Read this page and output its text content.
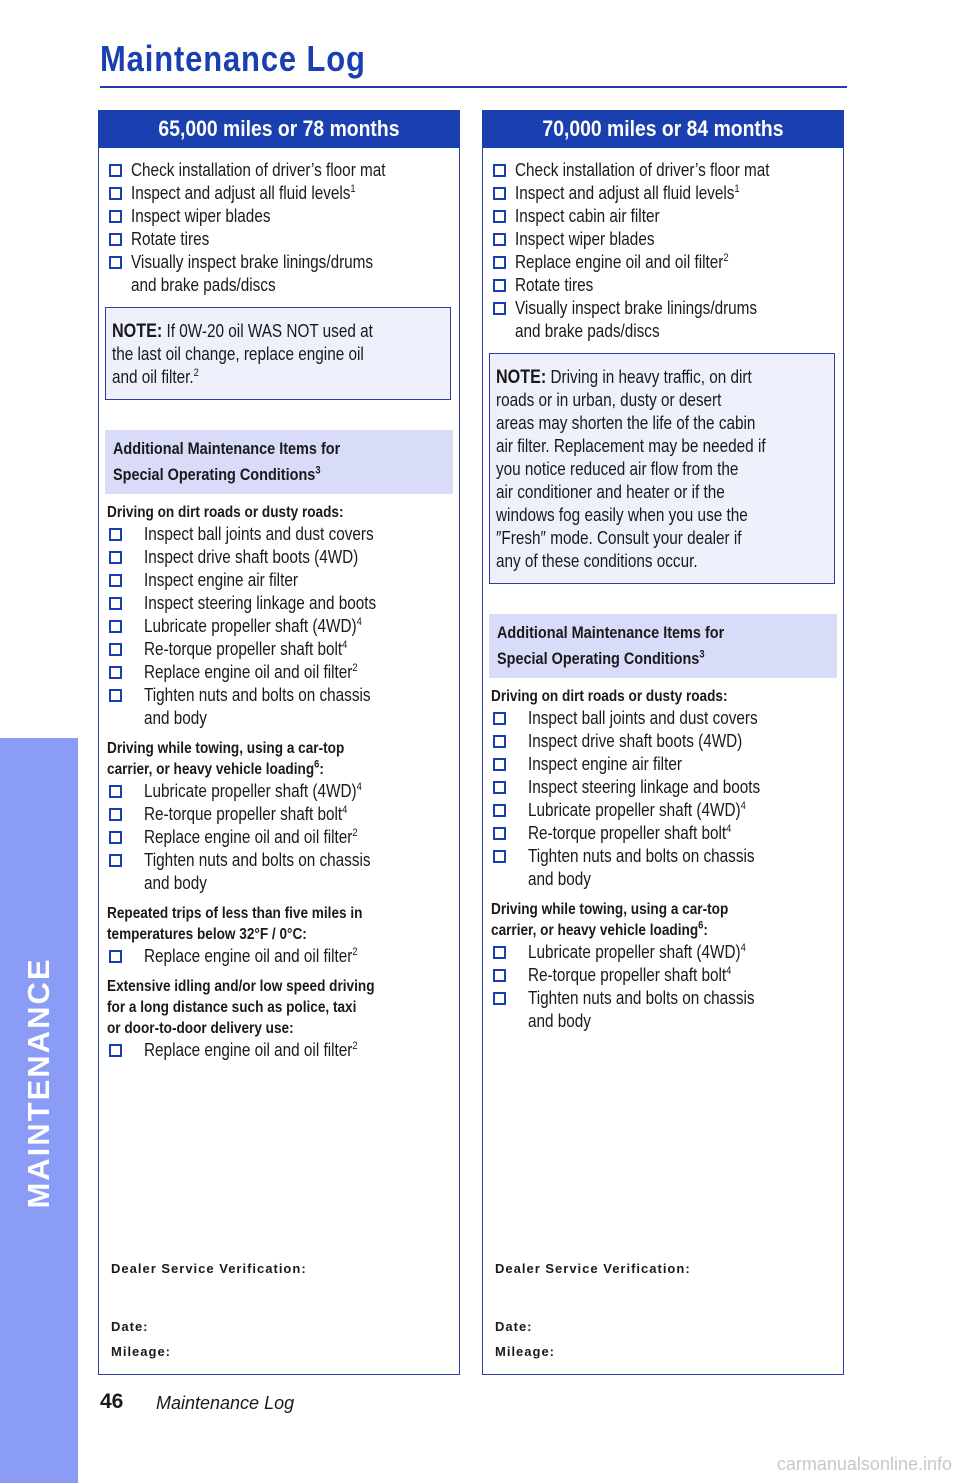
Maintenance Log
MAINTENANCE
65,000 miles or 78 months
Check installation of driver’s floor mat
Inspect and adjust all fluid levels$^1$
Inspect wiper blades
Rotate tires
Visually inspect brake linings/drums
and brake pads/discs
NOTE: If 0W-20 oil WAS NOT used at
the last oil change, replace engine oil
and oil filter.$^2$
Additional Maintenance Items for
Special Operating Conditions$^3$
Driving on dirt roads or dusty roads:
Inspect ball joints and dust covers
Inspect drive shaft boots (4WD)
Inspect engine air filter
Inspect steering linkage and boots
Lubricate propeller shaft $(4WD)^4$
Re-torque propeller shaft bolt$^4$
Replace engine oil and oil filter$^2$
Tighten nuts and bolts on chassis
and body
Driving while towing, using a car-top
carrier, or heavy vehicle loading$^6$:
Lubricate propeller shaft $(4WD)^4$
Re-torque propeller shaft bolt$^4$
Replace engine oil and oil filter$^2$
Tighten nuts and bolts on chassis
and body
Repeated trips of less than five miles in
temperatures below 32°F / 0°C:
Replace engine oil and oil filter$^2$
Extensive idling and/or low speed driving
for a long distance such as police, taxi
or door-to-door delivery use:
Replace engine oil and oil filter$^2$
Dealer Service Verification:
Date:
Mileage:
70,000 miles or 84 months
Check installation of driver’s floor mat
Inspect and adjust all fluid levels$^1$
Inspect cabin air filter
Inspect wiper blades
Replace engine oil and oil filter$^2$
Rotate tires
Visually inspect brake linings/drums
and brake pads/discs
NOTE: Driving in heavy traffic, on dirt
roads or in urban, dusty or desert
areas may shorten the life of the cabin
air filter. Replacement may be needed if
you notice reduced air flow from the
air conditioner and heater or if the
windows fog easily when you use the
″Fresh″ mode. Consult your dealer if
any of these conditions occur.
Additional Maintenance Items for
Special Operating Conditions$^3$
Driving on dirt roads or dusty roads:
Inspect ball joints and dust covers
Inspect drive shaft boots (4WD)
Inspect engine air filter
Inspect steering linkage and boots
Lubricate propeller shaft $(4WD)^4$
Re-torque propeller shaft bolt$^4$
Tighten nuts and bolts on chassis
and body
Driving while towing, using a car-top
carrier, or heavy vehicle loading$^6$:
Lubricate propeller shaft $(4WD)^4$
Re-torque propeller shaft bolt$^4$
Tighten nuts and bolts on chassis
and body
Dealer Service Verification:
Date:
Mileage:
46 Maintenance Log
carmanualsonline.info
